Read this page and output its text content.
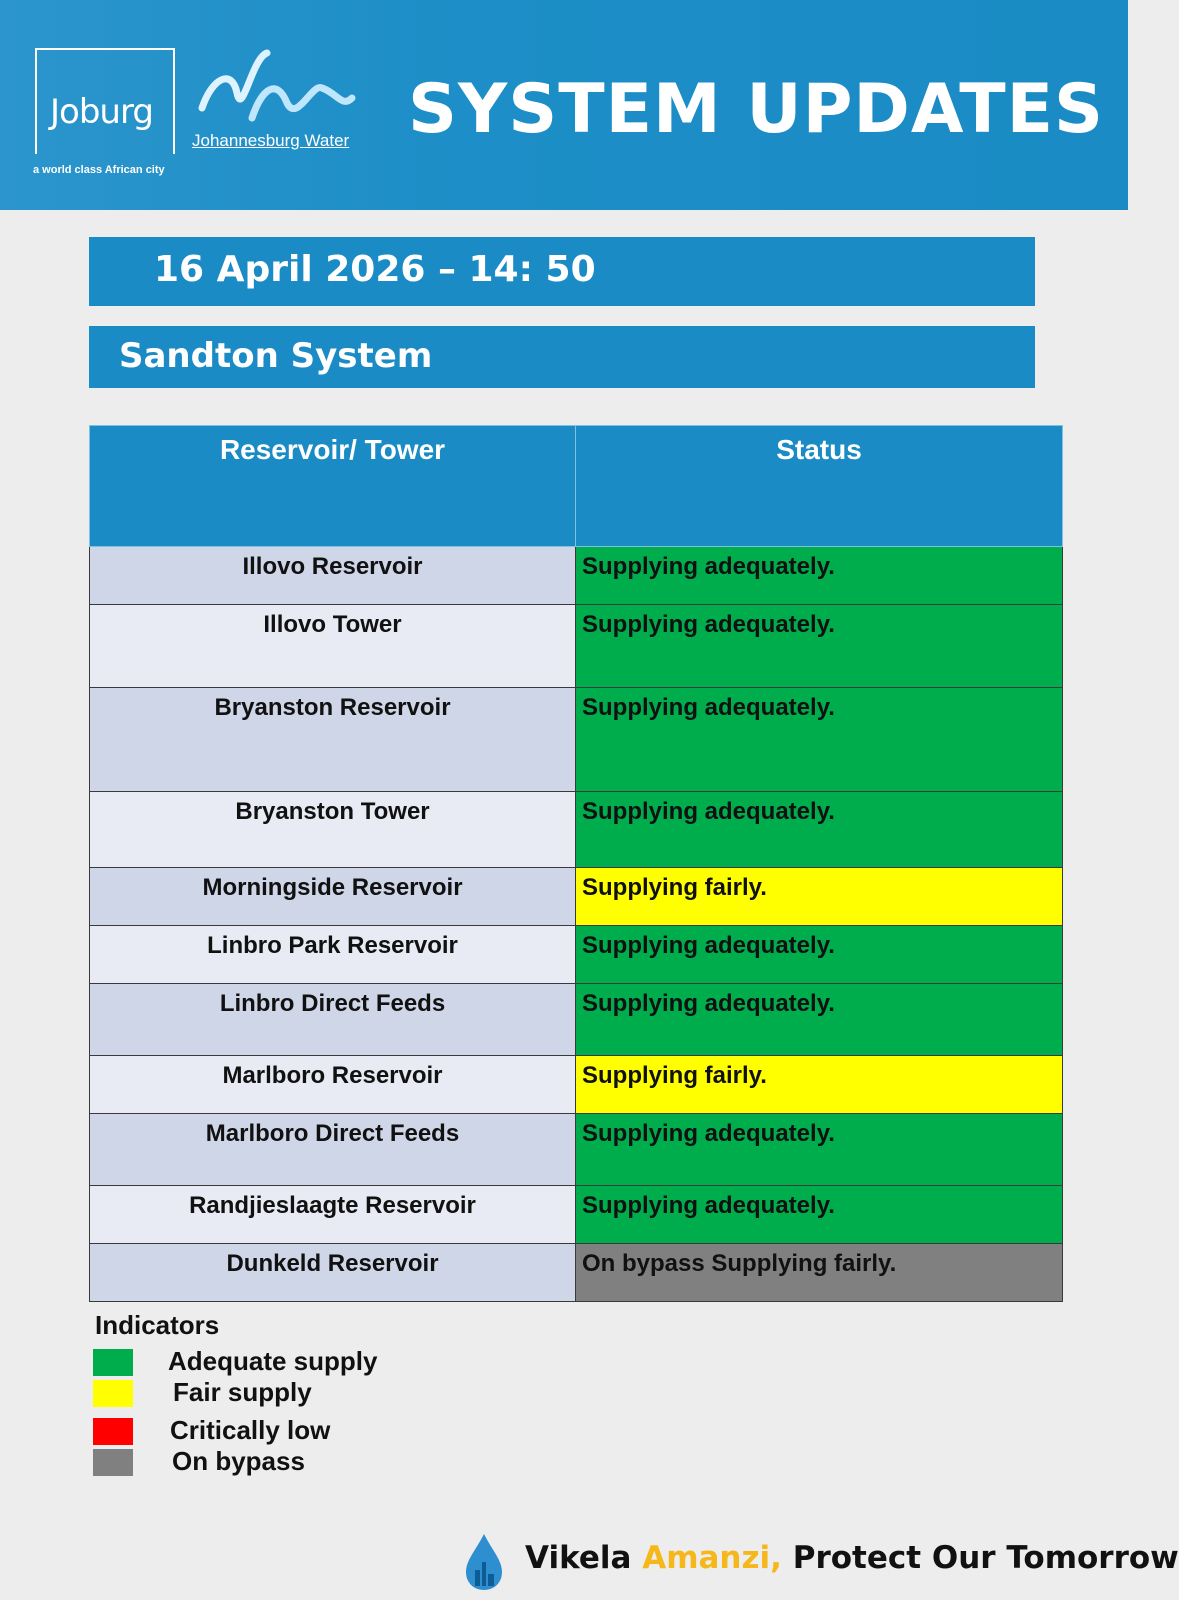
Joburg
a world class African city
Johannesburg Water SYSTEM UPDATES
16 April 2026 – 14: 50
Sandton System
Reservoir/ Tower	Status
Illovo Reservoir	Supplying adequately.
Illovo Tower	Supplying adequately.
Bryanston Reservoir	Supplying adequately.
Bryanston Tower	Supplying adequately.
Morningside Reservoir	Supplying fairly.
Linbro Park Reservoir	Supplying adequately.
Linbro Direct Feeds	Supplying adequately.
Marlboro Reservoir	Supplying fairly.
Marlboro Direct Feeds	Supplying adequately.
Randjieslaagte Reservoir	Supplying adequately.
Dunkeld Reservoir	On bypass Supplying fairly.
Indicators
Adequate supply
Fair supply
Critically low
On bypass
Vikela Amanzi, Protect Our Tomorrow
